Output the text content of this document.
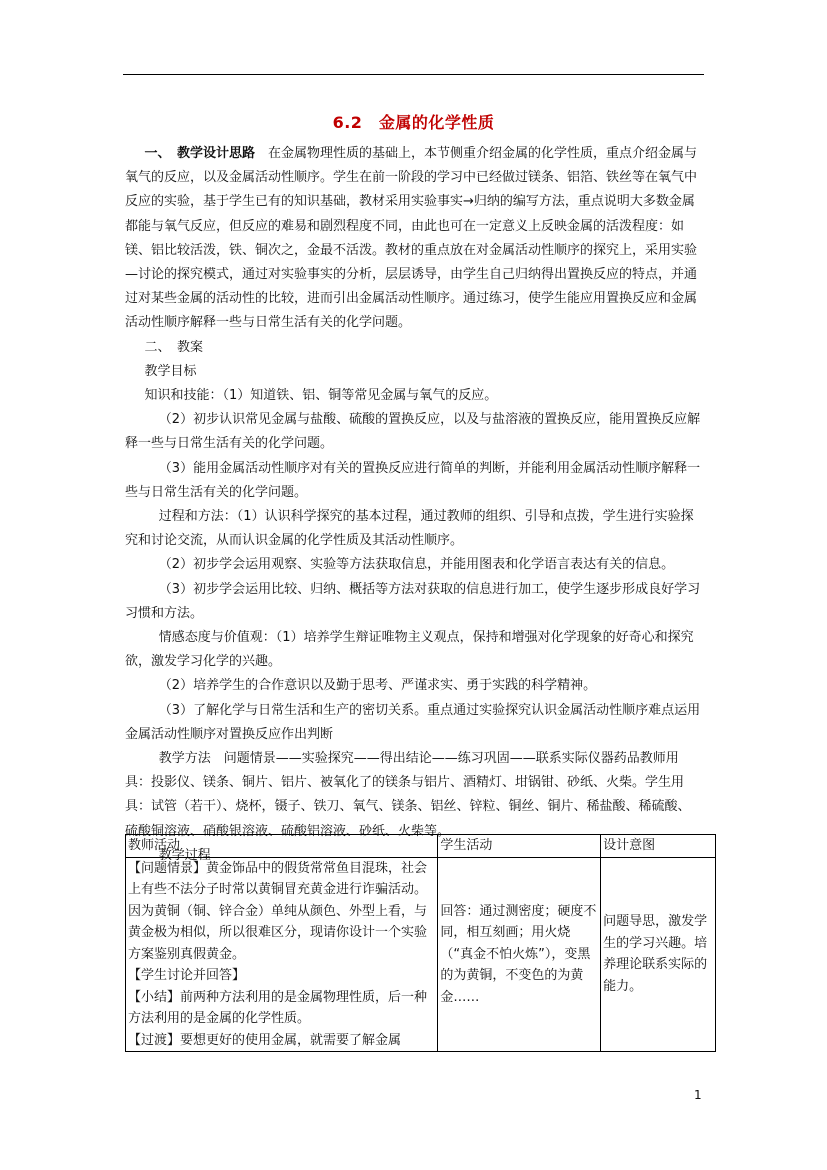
6.2　金属的化学性质

一、　教学设计思路　在金属物理性质的基础上，本节侧重介绍金属的化学性质，重点介绍金属与氧气的反应，以及金属活动性顺序。学生在前一阶段的学习中已经做过镁条、铝箔、铁丝等在氧气中反应的实验，基于学生已有的知识基础，教材采用实验事实→归纳的编写方法，重点说明大多数金属都能与氧气反应，但反应的难易和剧烈程度不同，由此也可在一定意义上反映金属的活泼程度：如镁、铝比较活泼，铁、铜次之，金最不活泼。教材的重点放在对金属活动性顺序的探究上，采用实验—讨论的探究模式，通过对实验事实的分析，层层诱导，由学生自己归纳得出置换反应的特点，并通过对某些金属的活动性的比较，进而引出金属活动性顺序。通过练习，使学生能应用置换反应和金属活动性顺序解释一些与日常生活有关的化学问题。

二、　教案

教学目标

知识和技能：（1）知道铁、铝、铜等常见金属与氧气的反应。

（2）初步认识常见金属与盐酸、硫酸的置换反应，以及与盐溶液的置换反应，能用置换反应解释一些与日常生活有关的化学问题。

（3）能用金属活动性顺序对有关的置换反应进行简单的判断，并能利用金属活动性顺序解释一些与日常生活有关的化学问题。

过程和方法：（1）认识科学探究的基本过程，通过教师的组织、引导和点拨，学生进行实验探究和讨论交流，从而认识金属的化学性质及其活动性顺序。

（2）初步学会运用观察、实验等方法获取信息，并能用图表和化学语言表达有关的信息。

（3）初步学会运用比较、归纳、概括等方法对获取的信息进行加工，使学生逐步形成良好学习习惯和方法。

情感态度与价值观：（1）培养学生辩证唯物主义观点，保持和增强对化学现象的好奇心和探究欲，激发学习化学的兴趣。

（2）培养学生的合作意识以及勤于思考、严谨求实、勇于实践的科学精神。

（3）了解化学与日常生活和生产的密切关系。重点通过实验探究认识金属活动性顺序难点运用金属活动性顺序对置换反应作出判断

教学方法　问题情景——实验探究——得出结论——练习巩固——联系实际仪器药品教师用具：投影仪、镁条、铜片、铝片、被氧化了的镁条与铝片、酒精灯、坩锅钳、砂纸、火柴。学生用具：试管（若干）、烧杯，镊子、铁刀、氧气、镁条、铝丝、锌粒、铜丝、铜片、稀盐酸、稀硫酸、硫酸铜溶液、硝酸银溶液、硫酸铝溶液、砂纸、火柴等。

教学过程

教师活动	学生活动	设计意图

【问题情景】黄金饰品中的假货常常鱼目混珠，社会上有些不法分子时常以黄铜冒充黄金进行诈骗活动。因为黄铜（铜、锌合金）单纯从颜色、外型上看，与黄金极为相似，所以很难区分，现请你设计一个实验方案鉴别真假黄金。
【学生讨论并回答】
【小结】前两种方法利用的是金属物理性质，后一种方法利用的是金属的化学性质。
【过渡】要想更好的使用金属，就需要了解金属	回答：通过测密度；硬度不同，相互刻画；用火烧（“真金不怕火炼”），变黑的为黄铜，不变色的为黄金……	问题导思，激发学生的学习兴趣。培养理论联系实际的能力。
1
